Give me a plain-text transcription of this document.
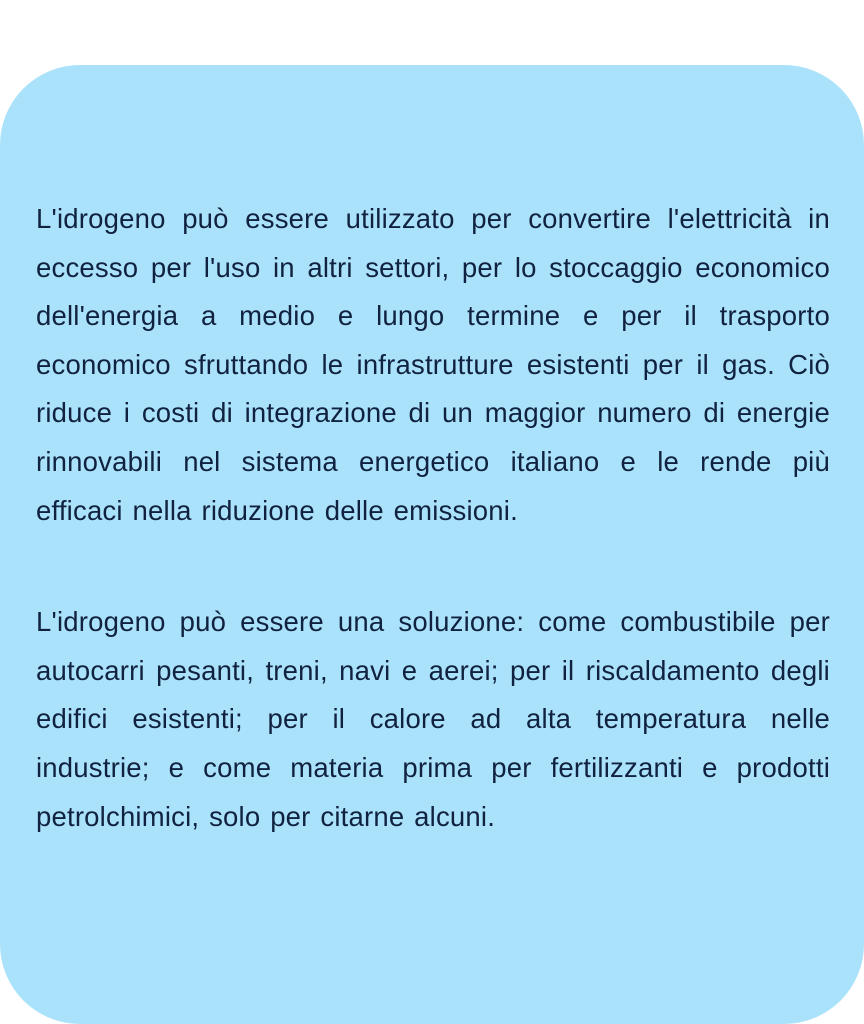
L'idrogeno può essere utilizzato per convertire l'elettricità in eccesso per l'uso in altri settori, per lo stoccaggio economico dell'energia a medio e lungo termine e per il trasporto economico sfruttando le infrastrutture esistenti per il gas. Ciò riduce i costi di integrazione di un maggior numero di energie rinnovabili nel sistema energetico italiano e le rende più efficaci nella riduzione delle emissioni.

L'idrogeno può essere una soluzione: come combustibile per autocarri pesanti, treni, navi e aerei; per il riscaldamento degli edifici esistenti; per il calore ad alta temperatura nelle industrie; e come materia prima per fertilizzanti e prodotti petrolchimici, solo per citarne alcuni.
